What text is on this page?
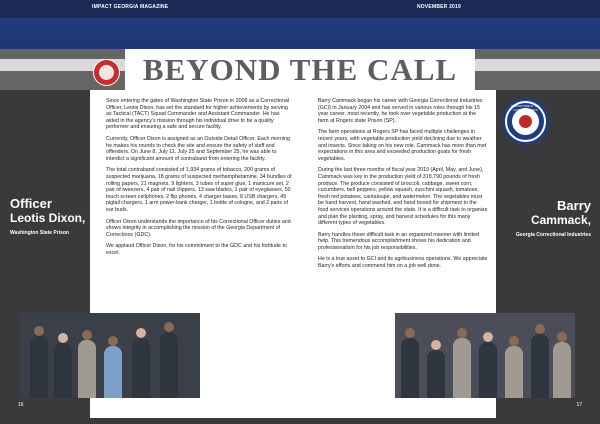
IMPACT GEORGIA MAGAZINE	NOVEMBER 2019
BEYOND THE CALL
DEPARTMENT OF CORRECTIONS
Officer
Leotis Dixon,
Washington State Prison
Barry
Cammack,
Georgia Correctional Industries

Since entering the gates of Washington State Prison in 2008 as a Correctional Officer, Leotis Dixon, has set the standard for higher achievements by serving as Tactical (TACT) Squad Commander and Assistant Commander. He has aided in the agency's mission through his individual drive to be a quality performer and ensuring a safe and secure facility.

Currently, Officer Dixon is assigned as an Outside Detail Officer. Each morning he makes his rounds to check the site and ensure the safety of staff and offenders. On June 8, July 11, July 25 and September 25, he was able to interdict a significant amount of contraband from entering the facility.

The total contraband consisted of 1,934 grams of tobacco, 200 grams of suspected marijuana, 18 grams of suspected methamphetamine, 34 bundles of rolling papers, 21 magnets, 9 lighters, 3 tubes of super glue, 1 manicure set, 2 pair of tweezers, 4 pair of nail clippers, 13 saw blades, 1 pair of eyeglasses, 50 touch screen cellphones, 2 flip phones, 4 charger bases, 8 USB chargers, 45 pigtail chargers, 1 arm power-bank charger, 1 bottle of cologne, and 2 pairs of ear buds.

Officer Dixon understands the importance of his Correctional Officer duties and shows integrity in accomplishing the mission of the Georgia Department of Corrections (GDC).

We applaud Officer Dixon, for his commitment to the GDC and his fortitude to excel.

Barry Cammack began his career with Georgia Correctional Industries (GCI) in January 2004 and has served in various roles through his 15 year career. most recently, he took over vegetable production at the farm at Rogers state Prison (SP).

The farm operations at Rogers SP has faced multiple challenges in recent years, with vegetable production yield declining due to weather and insects. Since taking on his new role, Cammack has more than met expectations in this area and exceeded production goals for fresh vegetables.

During the last three months of fiscal year 2019 (April, May, and June), Cammack was key in the production yield of 318,790 pounds of fresh produce. The produce consisted of broccoli, cabbage, sweet corn, cucumbers, bell peppers, yellow squash, zucchini squash, tomatoes, fresh red potatoes, cantaloupe, and watermelon. The vegetables must be hand harvest, hand washed, and hand boxed for shipment to the food services operations around the state. It is a difficult task to organize and plan the planting, spray, and harvest schedules for this many different types of vegetables.

Barry handles these difficult task in an organized manner with limited help. This tremendous accomplishment shows his dedication and professionalism for his job responsibilities.

He is a true asset to GCI and its agribusiness operations. We appreciate Barry's efforts and commend him on a job well done.

16	17
